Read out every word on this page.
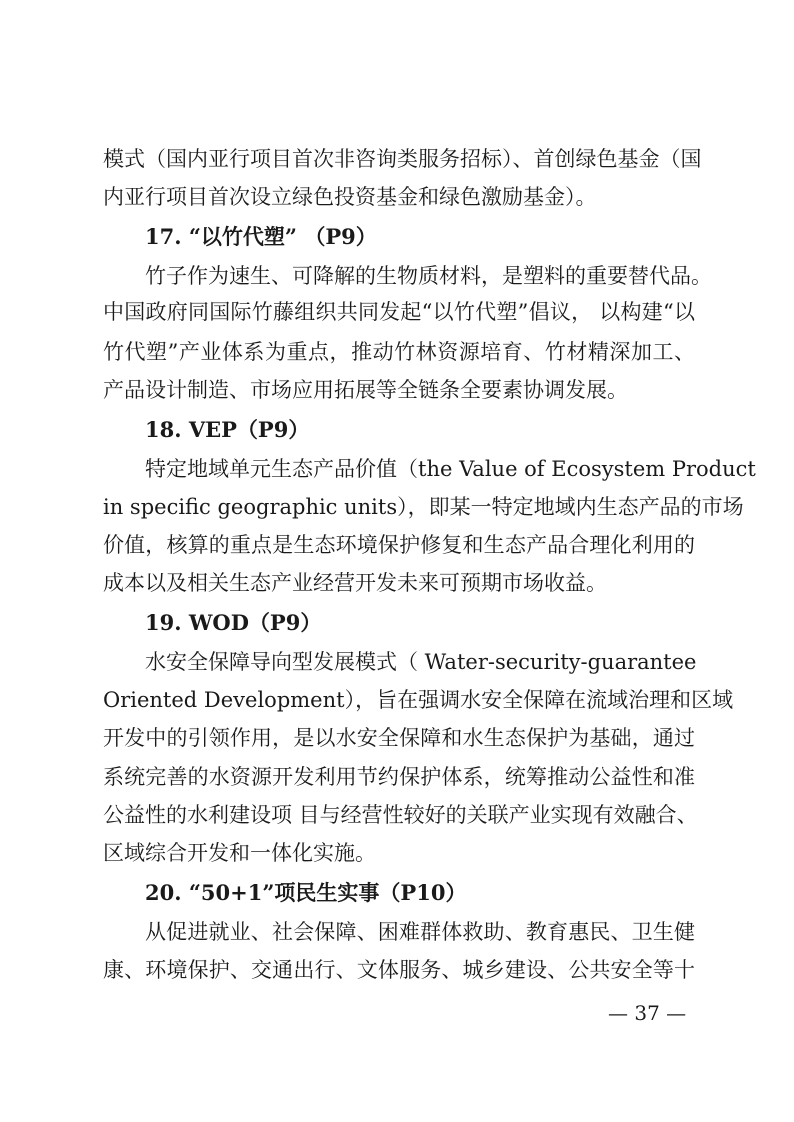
模式（国内亚行项目首次非咨询类服务招标）、首创绿色基金（国
内亚行项目首次设立绿色投资基金和绿色激励基金）。
17. “以竹代塑” （P9）
竹子作为速生、可降解的生物质材料，是塑料的重要替代品。
中国政府同国际竹藤组织共同发起“以竹代塑”倡议， 以构建“以
竹代塑”产业体系为重点，推动竹林资源培育、竹材精深加工、
产品设计制造、市场应用拓展等全链条全要素协调发展。
18. VEP（P9）
特定地域单元生态产品价值（the Value of Ecosystem Product
in specific geographic units），即某一特定地域内生态产品的市场
价值，核算的重点是生态环境保护修复和生态产品合理化利用的
成本以及相关生态产业经营开发未来可预期市场收益。
19. WOD（P9）
水安全保障导向型发展模式（ Water-security-guarantee
Oriented Development），旨在强调水安全保障在流域治理和区域
开发中的引领作用，是以水安全保障和水生态保护为基础，通过
系统完善的水资源开发利用节约保护体系，统筹推动公益性和准
公益性的水利建设项 目与经营性较好的关联产业实现有效融合、
区域综合开发和一体化实施。
20. “50+1”项民生实事（P10）
从促进就业、社会保障、困难群体救助、教育惠民、卫生健
康、环境保护、交通出行、文体服务、城乡建设、公共安全等十
— 37 —
